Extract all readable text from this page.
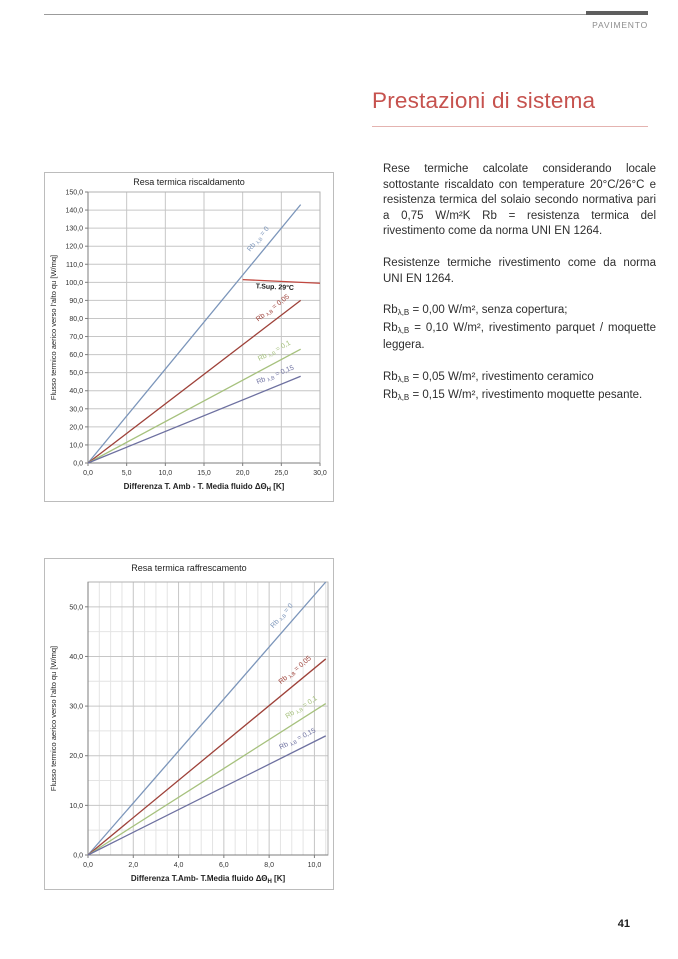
PAVIMENTO
Prestazioni di sistema
Resa termica riscaldamento
0,0	5,0	10,0	15,0	20,0	25,0	30,0
0,0
10,0
20,0
30,0
40,0
50,0
60,0
70,0
80,0
90,0
100,0
110,0
120,0
130,0
140,0
150,0
Differenza T. Amb - T. Media fluido $\Delta\Theta_H$ [K]
Flusso termico aerico verso l'alto qu [W/mq]
Rb $_{\lambda,B}$ = 0
T.Sup. 29°C
Rb $_{\lambda,B}$ = 0,05
Rb $_{\lambda,B}$ = 0,1
Rb $_{\lambda,B}$ = 0,15
Resa termica raffrescamento
0,0	2,0	4,0	6,0	8,0	10,0
0,0
10,0
20,0
30,0
40,0
50,0
Differenza T.Amb- T.Media fluido $\Delta\Theta_H$ [K]
Flusso termico aerico verso l'alto qu [W/mq]
Rb $_{\lambda,B}$ = 0
Rb $_{\lambda,B}$ = 0,05
Rb $_{\lambda,B}$ = 0,1
Rb $_{\lambda,B}$ = 0,15

Rese termiche calcolate considerando locale sottostante riscaldato con temperature 20°C/26°C e resistenza termica del solaio secondo normativa pari a 0,75 W/m²K Rb = resistenza termica del rivestimento come da norma UNI EN 1264.

Resistenze termiche rivestimento come da norma UNI EN 1264.

$Rb_{\lambda,B} = 0,00$ W/m², senza copertura;
$Rb_{\lambda,B} = 0,10$ W/m², rivestimento parquet / moquette leggera.
$Rb_{\lambda,B} = 0,05$ W/m², rivestimento ceramico
$Rb_{\lambda,B} = 0,15$ W/m², rivestimento moquette pesante.
41
